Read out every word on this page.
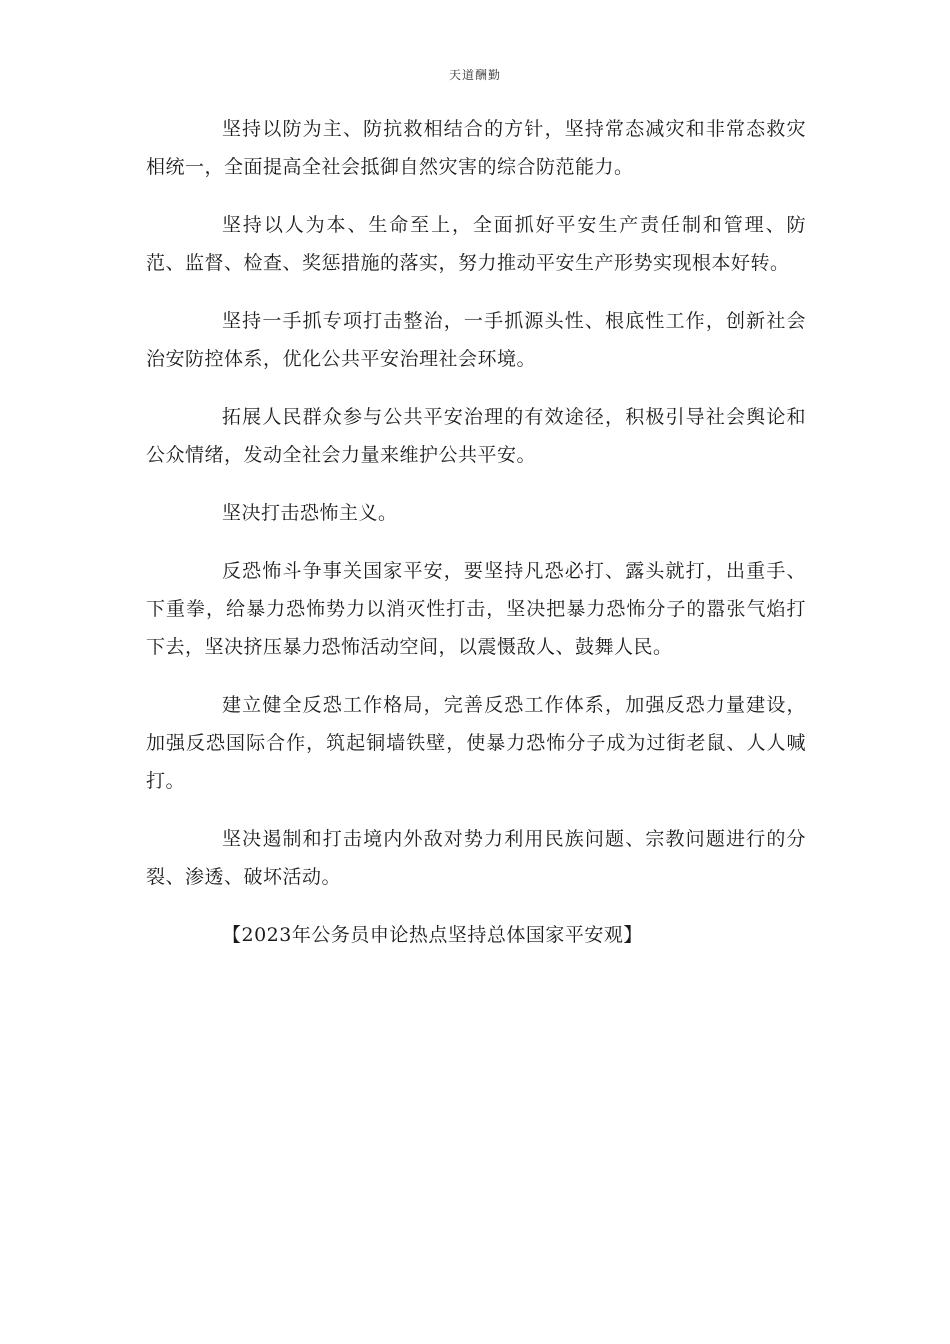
天道酬勤

坚持以防为主、防抗救相结合的方针，坚持常态减灾和非常态救灾相统一，全面提高全社会抵御自然灾害的综合防范能力。

坚持以人为本、生命至上，全面抓好平安生产责任制和管理、防范、监督、检查、奖惩措施的落实，努力推动平安生产形势实现根本好转。

坚持一手抓专项打击整治，一手抓源头性、根底性工作，创新社会治安防控体系，优化公共平安治理社会环境。

拓展人民群众参与公共平安治理的有效途径，积极引导社会舆论和公众情绪，发动全社会力量来维护公共平安。

坚决打击恐怖主义。

反恐怖斗争事关国家平安，要坚持凡恐必打、露头就打，出重手、下重拳，给暴力恐怖势力以消灭性打击，坚决把暴力恐怖分子的嚣张气焰打下去，坚决挤压暴力恐怖活动空间，以震慑敌人、鼓舞人民。

建立健全反恐工作格局，完善反恐工作体系，加强反恐力量建设，加强反恐国际合作，筑起铜墙铁壁，使暴力恐怖分子成为过街老鼠、人人喊打。

坚决遏制和打击境内外敌对势力利用民族问题、宗教问题进行的分裂、渗透、破坏活动。

【2023年公务员申论热点坚持总体国家平安观】
